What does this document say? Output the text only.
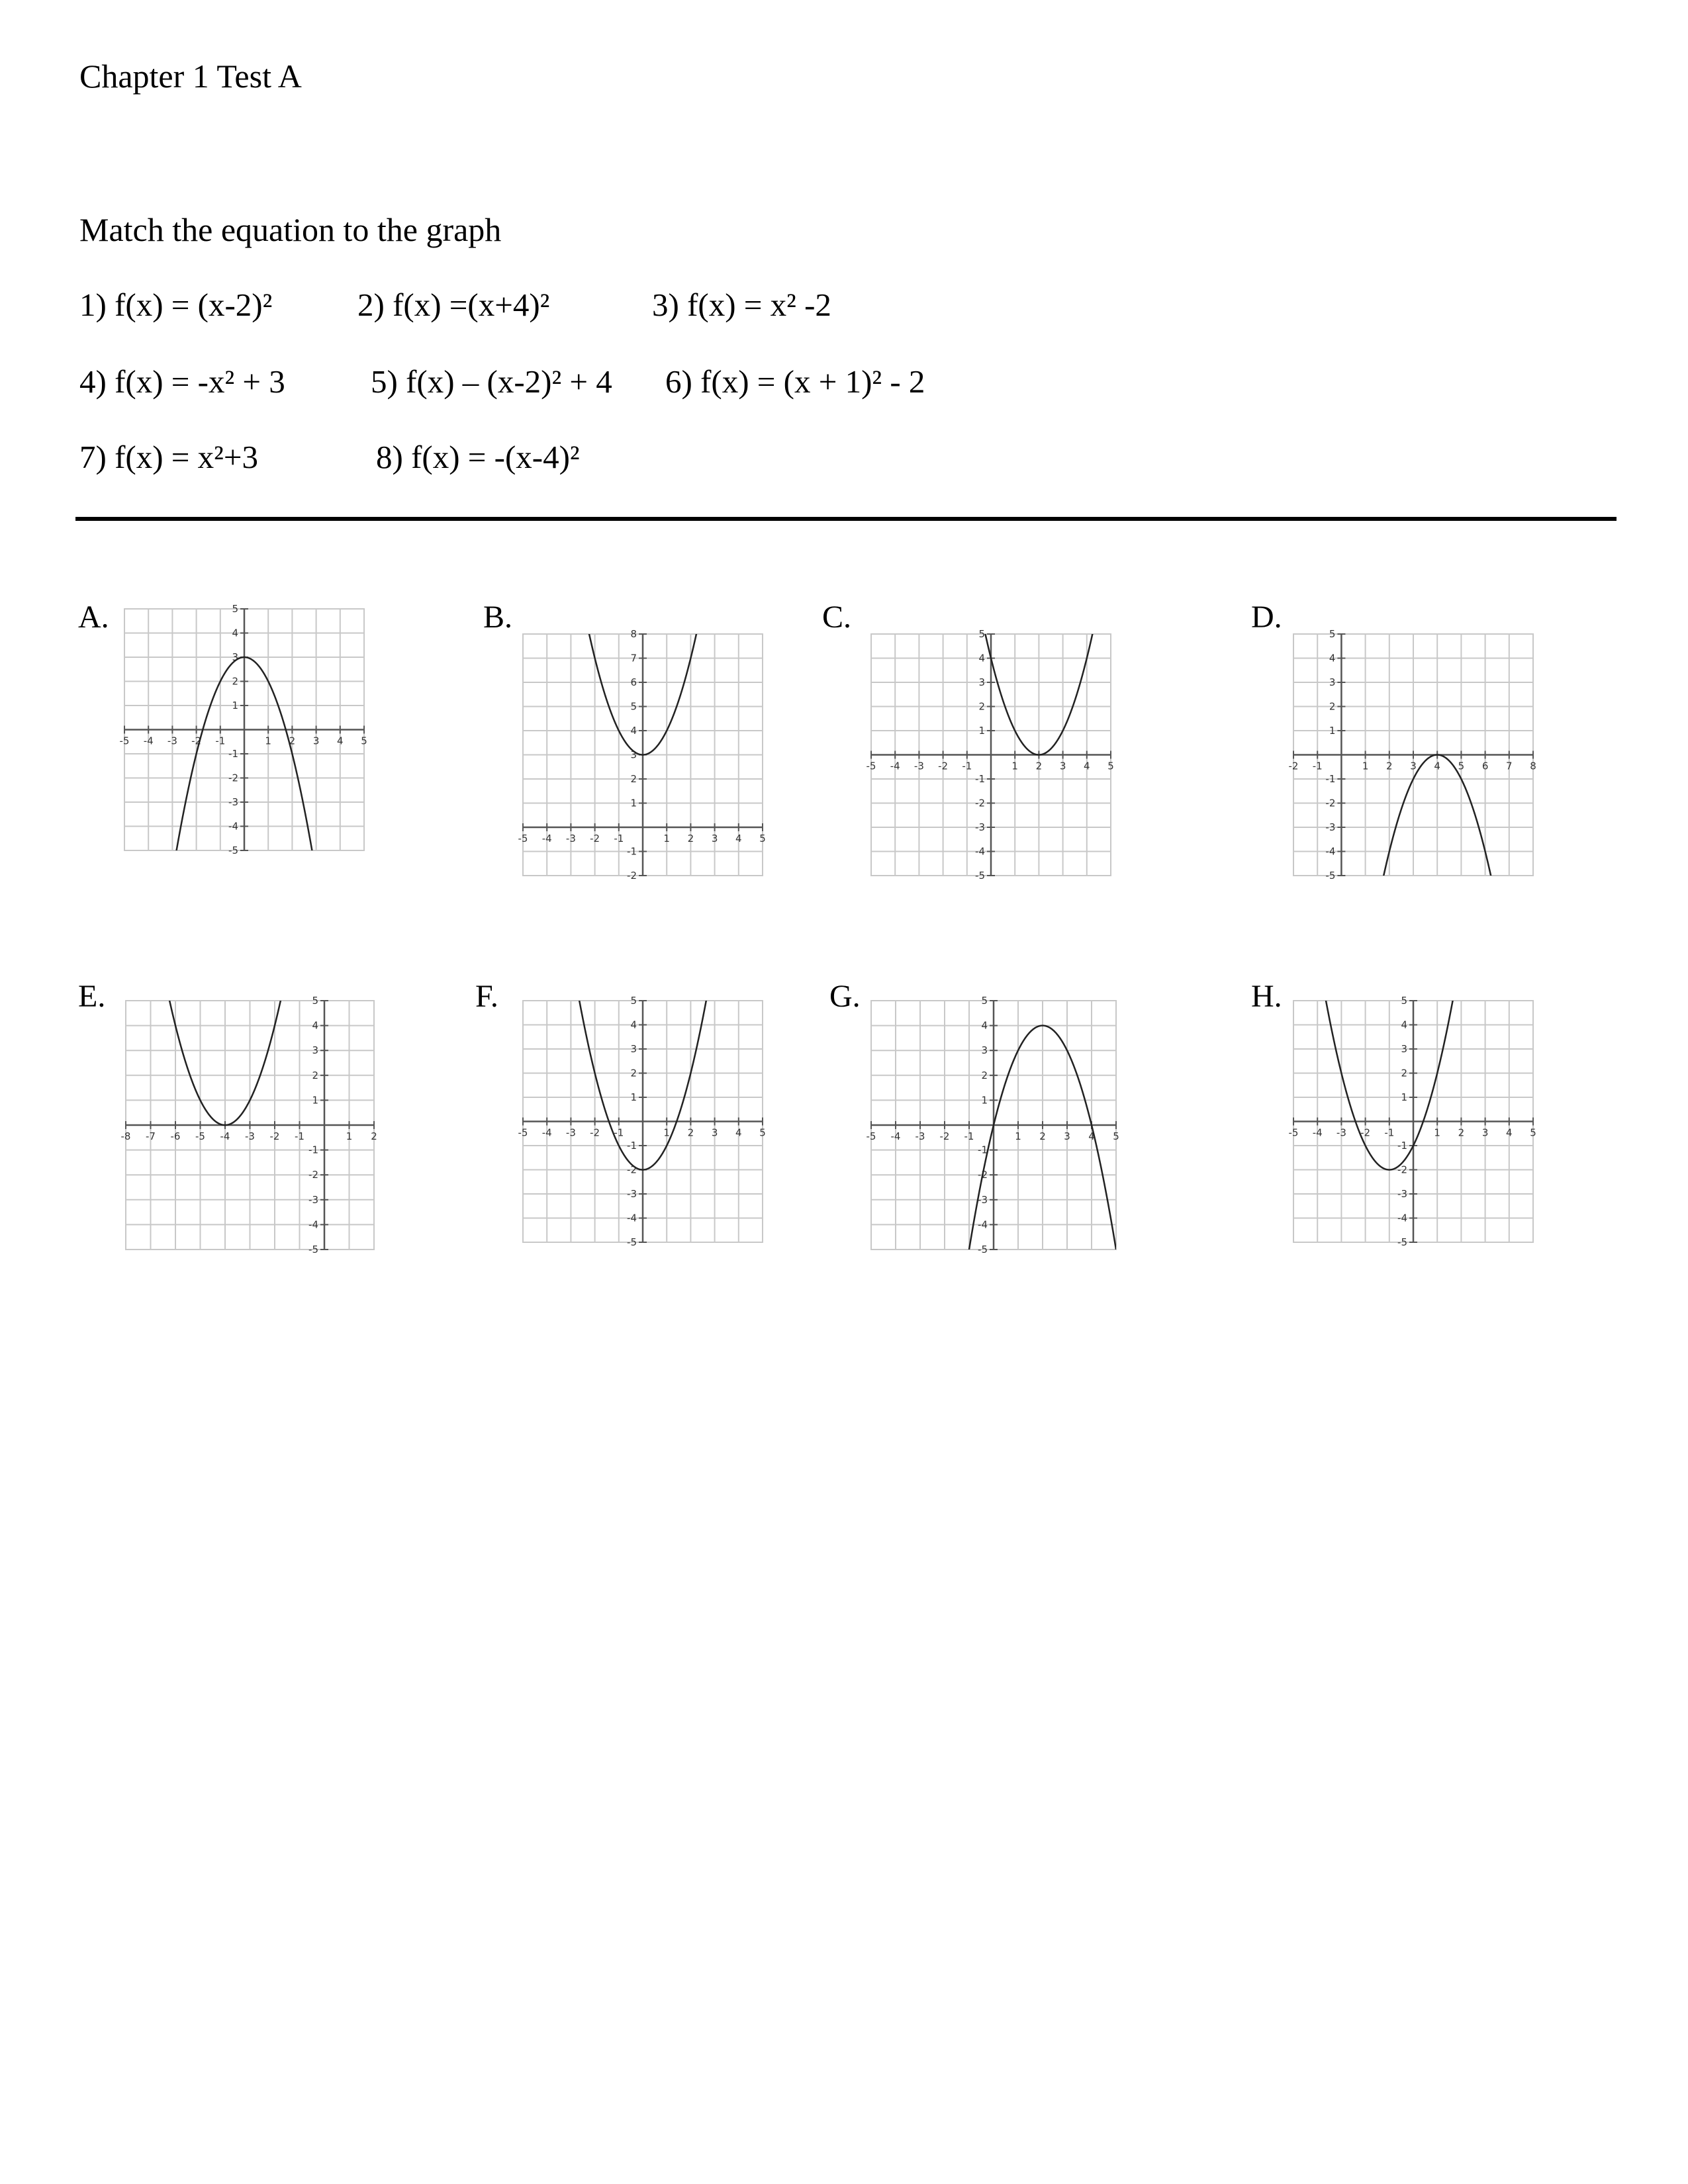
Chapter 1 Test A

Match the equation to the graph

1) f(x) = (x-2)²	2) f(x) =(x+4)²	3) f(x) = x² -2
4) f(x) = -x² + 3	5) f(x) – (x-2)² + 4 6) f(x) = (x + 1)² - 2
7) f(x) = x²+3	8) f(x) = -(x-4)²
A.	B.	C.	D.
E.	F.	G.	H.
-5 -4 -3 -2 -1	1 2 3 4 5
5
4
3
2
1
-1
-2
-3
-4
-5
-5 -4 -3 -2 -1	1 2 3 4 5
8
7
6
5
4
3
2
1
-1
-2
-5 -4 -3 -2 -1	1 2 3 4 5
5
4
3
2
1
-1
-2
-3
-4
-5
-2 -1	1 2 3 4 5 6 7 8
5
4
3
2
1
-1
-2
-3
-4
-5
-8 -7 -6 -5 -4 -3 -2 -1	1 2
5
4
3
2
1
-1
-2
-3
-4
-5
-5 -4 -3 -2 -1	1 2 3 4 5
5
4
3
2
1
-1
-2
-3
-4
-5
-5 -4 -3 -2 -1	1 2 3 4 5
5
4
3
2
1
-1
-2
-3
-4
-5
-5 -4 -3 -2 -1	1 2 3 4 5
5
4
3
2
1
-1
-2
-3
-4
-5
